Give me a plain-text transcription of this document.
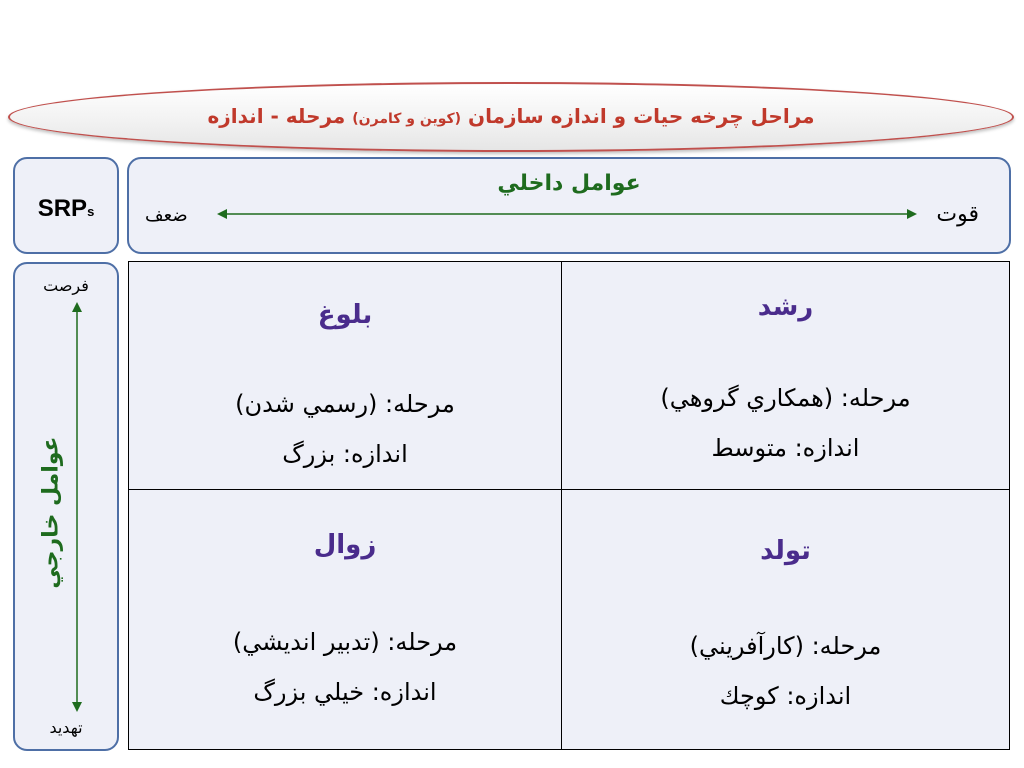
مراحل چرخه حيات و اندازه سازمان (كوين و كامرن) مرحله - اندازه
SRPs
عوامل داخلي
قوت
ضعف
فرصت
عوامل خارجي
تهديد
بلوغ
مرحله: (رسمي شدن)
اندازه: بزرگ
رشد
مرحله: (همكاري گروهي)
اندازه: متوسط
زوال
مرحله: (تدبير انديشي)
اندازه: خيلي بزرگ
تولد
مرحله: (كارآفريني)
اندازه: كوچك
